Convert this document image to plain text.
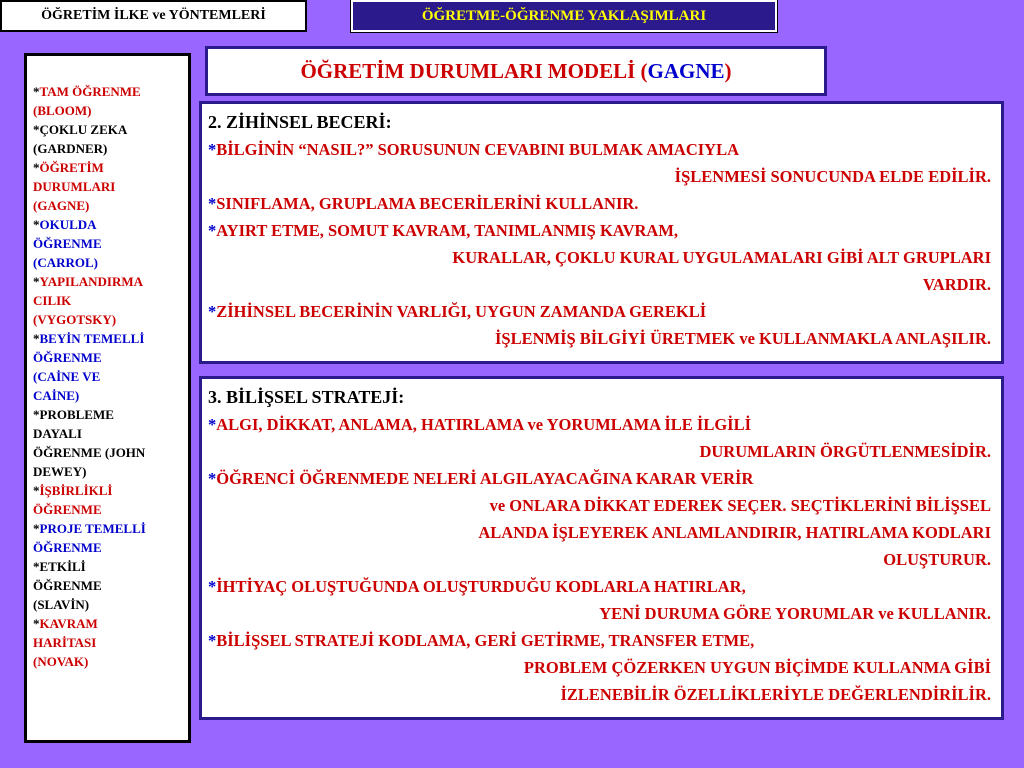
ÖĞRETİM İLKE ve YÖNTEMLERİ	ÖĞRETME-ÖĞRENME YAKLAŞIMLARI
*TAM ÖĞRENME
(BLOOM)
*ÇOKLU ZEKA
(GARDNER)
*ÖĞRETİM
DURUMLARI
(GAGNE)
*OKULDA
ÖĞRENME
(CARROL)
*YAPILANDIRMA
CILIK
(VYGOTSKY)
*BEYİN TEMELLİ
ÖĞRENME
(CAİNE VE
CAİNE)
*PROBLEME
DAYALI
ÖĞRENME (JOHN
DEWEY)
*İŞBİRLİKLİ
ÖĞRENME
*PROJE TEMELLİ
ÖĞRENME
*ETKİLİ
ÖĞRENME
(SLAVİN)
*KAVRAM
HARİTASI
(NOVAK)
ÖĞRETİM DURUMLARI MODELİ ( GAGNE )
2. ZİHİNSEL BECERİ:
*BİLGİNİN “NASIL?” SORUSUNUN CEVABINI BULMAK AMACIYLA
İŞLENMESİ SONUCUNDA ELDE EDİLİR.
*SINIFLAMA, GRUPLAMA BECERİLERİNİ KULLANIR.
*AYIRT ETME, SOMUT KAVRAM, TANIMLANMIŞ KAVRAM,
KURALLAR, ÇOKLU KURAL UYGULAMALARI GİBİ ALT GRUPLARI
VARDIR.
*ZİHİNSEL BECERİNİN VARLIĞI, UYGUN ZAMANDA GEREKLİ
İŞLENMİŞ BİLGİYİ ÜRETMEK ve KULLANMAKLA ANLAŞILIR.
3. BİLİŞSEL STRATEJİ:
*ALGI, DİKKAT, ANLAMA, HATIRLAMA ve YORUMLAMA İLE İLGİLİ
DURUMLARIN ÖRGÜTLENMESİDİR.
*ÖĞRENCİ ÖĞRENMEDE NELERİ ALGILAYACAĞINA KARAR VERİR
ve ONLARA DİKKAT EDEREK SEÇER. SEÇTİKLERİNİ BİLİŞSEL
ALANDA İŞLEYEREK ANLAMLANDIRIR, HATIRLAMA KODLARI
OLUŞTURUR.
*İHTİYAÇ OLUŞTUĞUNDA OLUŞTURDUĞU KODLARLA HATIRLAR,
YENİ DURUMA GÖRE YORUMLAR ve KULLANIR.
*BİLİŞSEL STRATEJİ KODLAMA, GERİ GETİRME, TRANSFER ETME,
PROBLEM ÇÖZERKEN UYGUN BİÇİMDE KULLANMA GİBİ
İZLENEBİLİR ÖZELLİKLERİYLE DEĞERLENDİRİLİR.
